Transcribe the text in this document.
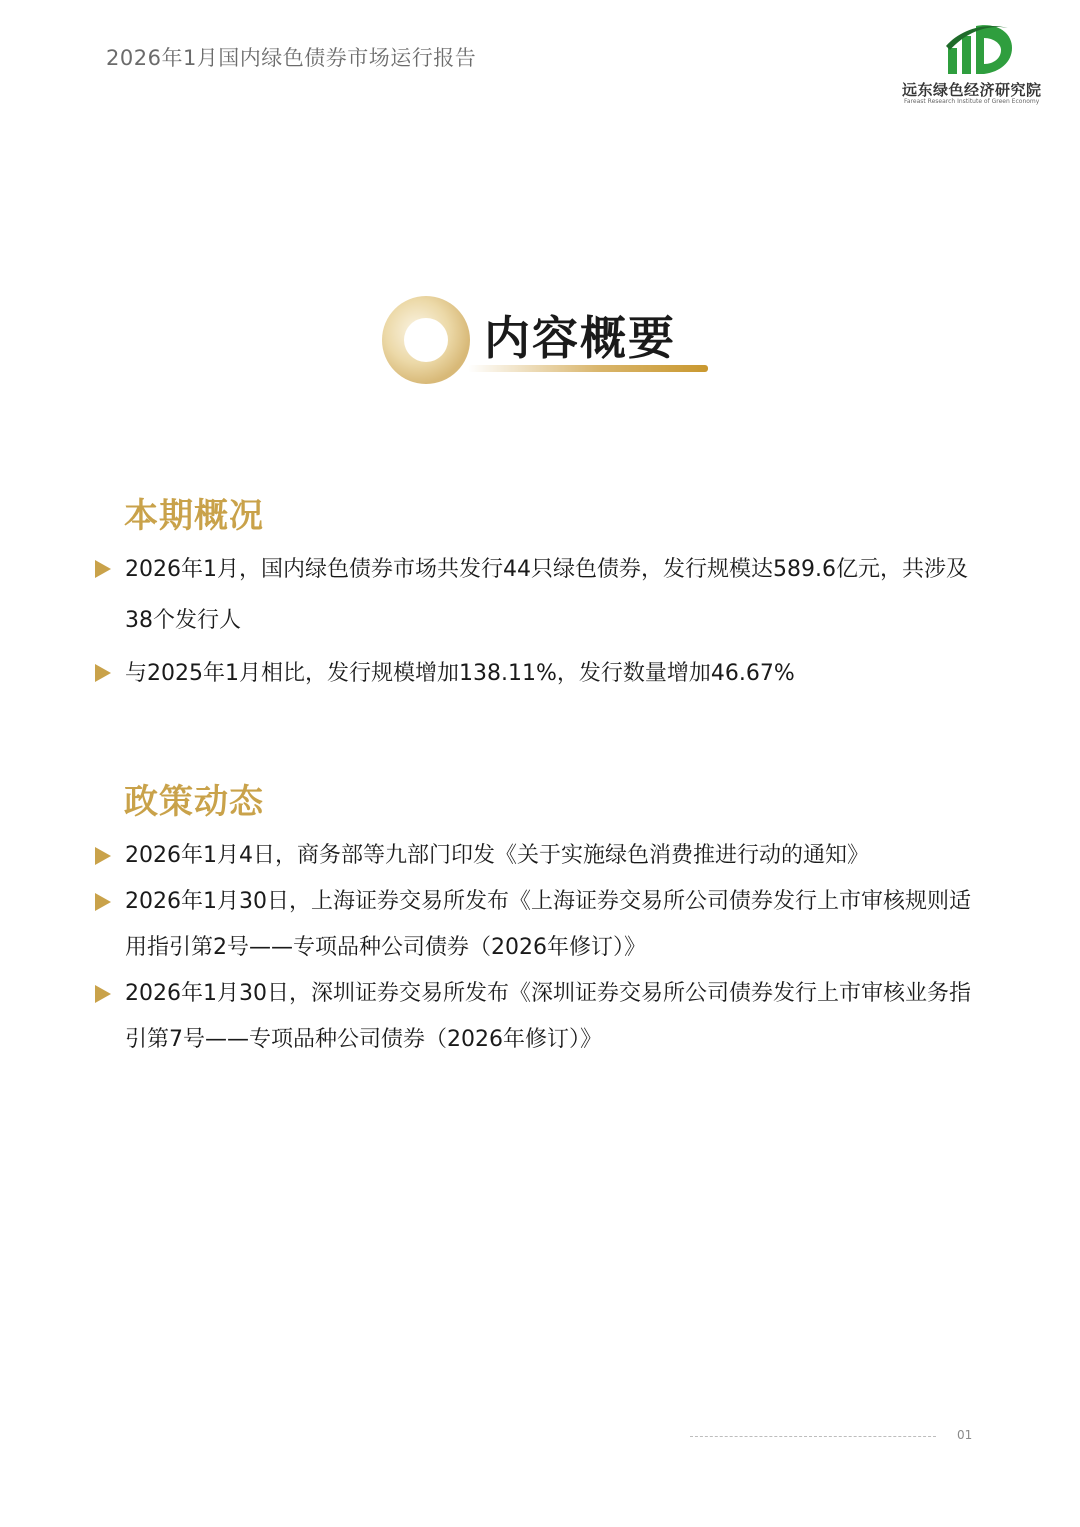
2026年1月国内绿色债券市场运行报告
远东绿色经济研究院
Fareast Research Institute of Green Economy
内容概要
本期概况
2026年1月，国内绿色债券市场共发行44只绿色债券，发行规模达589.6亿元，共涉及38个发行人
与2025年1月相比，发行规模增加138.11%，发行数量增加46.67%
政策动态
2026年1月4日，商务部等九部门印发《关于实施绿色消费推进行动的通知》
2026年1月30日，上海证券交易所发布《上海证券交易所公司债券发行上市审核规则适用指引第2号——专项品种公司债券（2026年修订）》
2026年1月30日，深圳证券交易所发布《深圳证券交易所公司债券发行上市审核业务指引第7号——专项品种公司债券（2026年修订）》
01
